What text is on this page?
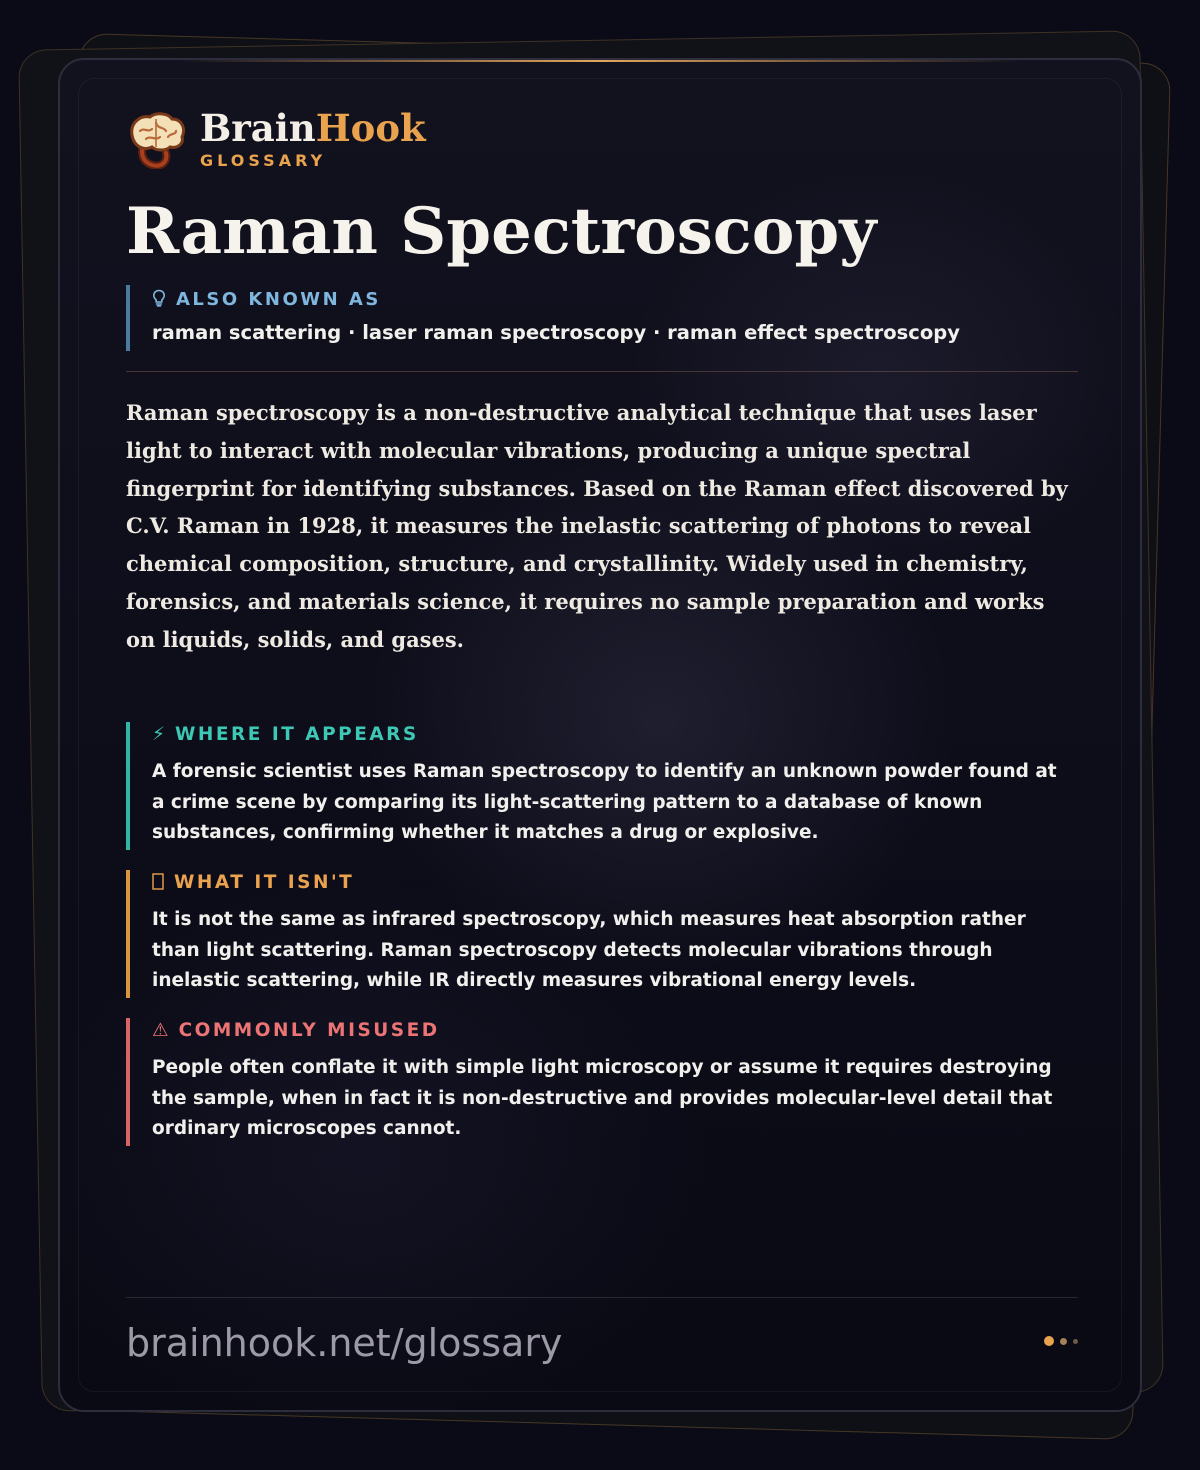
BrainHook
GLOSSARY
Raman Spectroscopy
ALSO KNOWN AS
raman scattering · laser raman spectroscopy · raman effect spectroscopy
Raman spectroscopy is a non-destructive analytical technique that uses laser light to interact with molecular vibrations, producing a unique spectral fingerprint for identifying substances. Based on the Raman effect discovered by C.V. Raman in 1928, it measures the inelastic scattering of photons to reveal chemical composition, structure, and crystallinity. Widely used in chemistry, forensics, and materials science, it requires no sample preparation and works on liquids, solids, and gases.
⚡ WHERE IT APPEARS
A forensic scientist uses Raman spectroscopy to identify an unknown powder found at a crime scene by comparing its light-scattering pattern to a database of known substances, confirming whether it matches a drug or explosive.
WHAT IT ISN'T
It is not the same as infrared spectroscopy, which measures heat absorption rather than light scattering. Raman spectroscopy detects molecular vibrations through inelastic scattering, while IR directly measures vibrational energy levels.
⚠ COMMONLY MISUSED
People often conflate it with simple light microscopy or assume it requires destroying the sample, when in fact it is non-destructive and provides molecular-level detail that ordinary microscopes cannot.
brainhook.net/glossary
